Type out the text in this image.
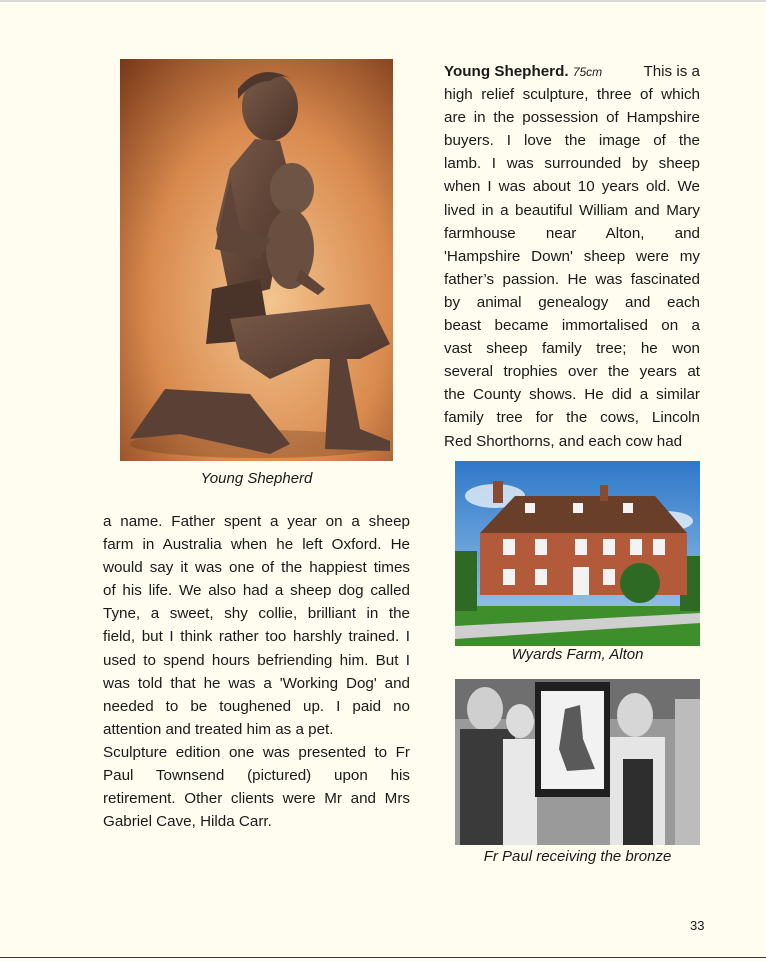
Young Shepherd

Young Shepherd. 75cm	This is a

high relief sculpture, three of which

are in the possession of Hampshire

buyers. I love the image of the

lamb. I was surrounded by sheep

when I was about 10 years old. We

lived in a beautiful William and Mary

farmhouse near Alton, and

'Hampshire Down' sheep were my

father’s passion. He was fascinated

by animal genealogy and each

beast became immortalised on a

vast sheep family tree; he won

several trophies over the years at

the County shows. He did a similar

family tree for the cows, Lincoln

Red Shorthorns, and each cow had

Wyards Farm, Alton

a name. Father spent a year on a sheep

farm in Australia when he left Oxford. He

would say it was one of the happiest times

of his life. We also had a sheep dog called

Tyne, a sweet, shy collie, brilliant in the

field, but I think rather too harshly trained. I

used to spend hours befriending him. But I

was told that he was a 'Working Dog' and

needed to be toughened up. I paid no

attention and treated him as a pet.

Sculpture edition one was presented to Fr

Paul Townsend (pictured) upon his

retirement. Other clients were Mr and Mrs

Gabriel Cave, Hilda Carr.

Fr Paul receiving the bronze
33
